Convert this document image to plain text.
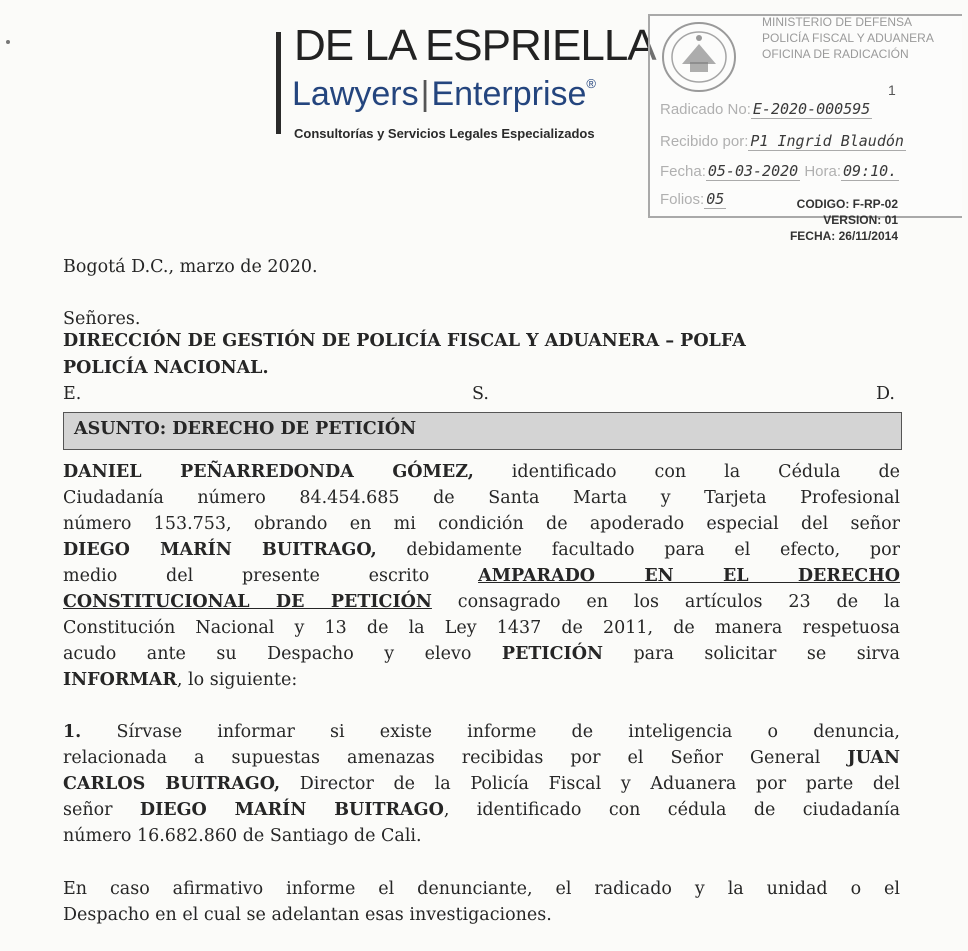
DE LA ESPRIELLA
Lawyers|Enterprise®
Consultorías y Servicios Legales Especializados
MINISTERIO DE DEFENSA
POLICÍA FISCAL Y ADUANERA
OFICINA DE RADICACIÓN
1
Radicado No: E-2020-000595
Recibido por: P1 Ingrid Blaudón
Fecha: 05-03-2020 Hora: 09:10.
Folios: 05	CODIGO: F-RP-02
VERSION: 01
FECHA: 26/11/2014
Bogotá D.C., marzo de 2020.
Señores.
DIRECCIÓN DE GESTIÓN DE POLICÍA FISCAL Y ADUANERA – POLFA
POLICÍA NACIONAL.
E.	S.	D.
ASUNTO: DERECHO DE PETICIÓN
DANIEL PEÑARREDONDA GÓMEZ, identificado con la Cédula de
Ciudadanía número 84.454.685 de Santa Marta y Tarjeta Profesional
número 153.753, obrando en mi condición de apoderado especial del señor
DIEGO MARÍN BUITRAGO, debidamente facultado para el efecto, por
medio del presente escrito AMPARADO EN EL DERECHO
CONSTITUCIONAL DE PETICIÓN consagrado en los artículos 23 de la
Constitución Nacional y 13 de la Ley 1437 de 2011, de manera respetuosa
acudo ante su Despacho y elevo PETICIÓN para solicitar se sirva
INFORMAR, lo siguiente:
1. Sírvase informar si existe informe de inteligencia o denuncia,
relacionada a supuestas amenazas recibidas por el Señor General JUAN
CARLOS BUITRAGO, Director de la Policía Fiscal y Aduanera por parte del
señor DIEGO MARÍN BUITRAGO, identificado con cédula de ciudadanía
número 16.682.860 de Santiago de Cali.
En caso afirmativo informe el denunciante, el radicado y la unidad o el
Despacho en el cual se adelantan esas investigaciones.
